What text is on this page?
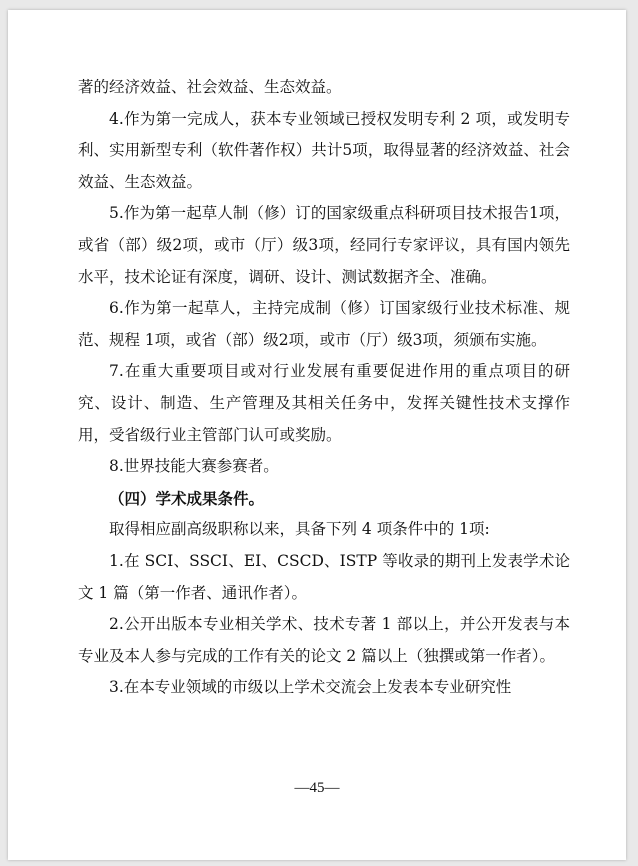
著的经济效益、社会效益、生态效益。

4.作为第一完成人，获本专业领域已授权发明专利 2 项，或发明专利、实用新型专利（软件著作权）共计5项，取得显著的经济效益、社会效益、生态效益。

5.作为第一起草人制（修）订的国家级重点科研项目技术报告1项，或省（部）级2项，或市（厅）级3项，经同行专家评议，具有国内领先水平，技术论证有深度，调研、设计、测试数据齐全、准确。

6.作为第一起草人，主持完成制（修）订国家级行业技术标准、规范、规程 1项，或省（部）级2项，或市（厅）级3项，须颁布实施。

7.在重大重要项目或对行业发展有重要促进作用的重点项目的研究、设计、制造、生产管理及其相关任务中，发挥关键性技术支撑作用，受省级行业主管部门认可或奖励。

8.世界技能大赛参赛者。

（四）学术成果条件。

取得相应副高级职称以来，具备下列 4 项条件中的 1项:

1.在 SCI、SSCI、EI、CSCD、ISTP 等收录的期刊上发表学术论文 1 篇（第一作者、通讯作者）。

2.公开出版本专业相关学术、技术专著 1 部以上，并公开发表与本专业及本人参与完成的工作有关的论文 2 篇以上（独撰或第一作者）。

3.在本专业领域的市级以上学术交流会上发表本专业研究性

—45—
